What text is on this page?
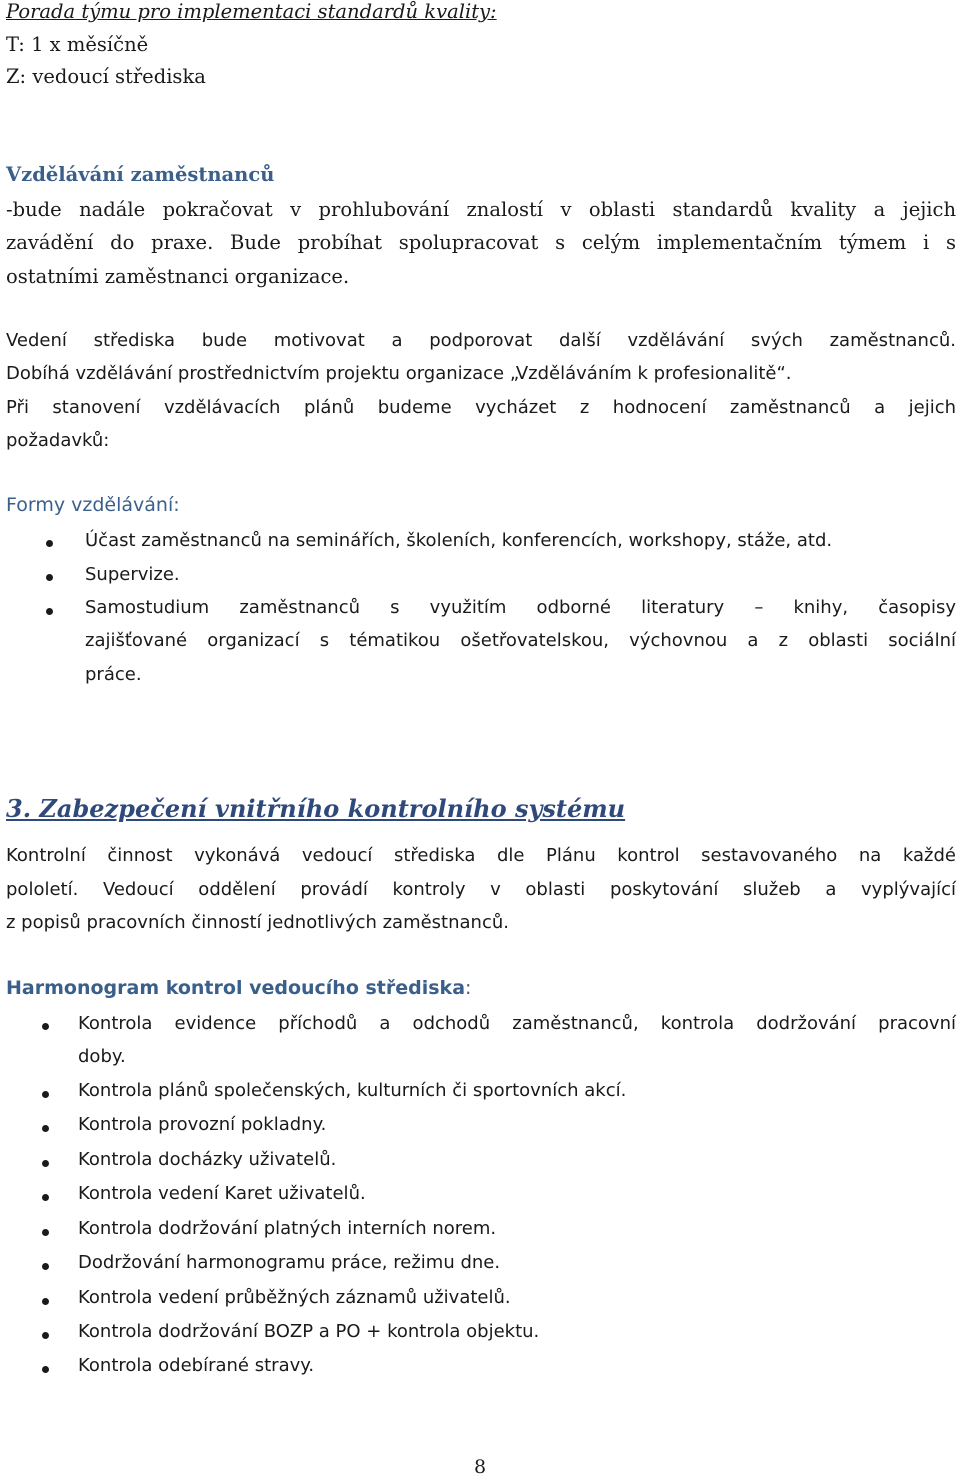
Porada týmu pro implementaci standardů kvality:
T: 1 x měsíčně
Z: vedoucí střediska
Vzdělávání zaměstnanců
-bude nadále pokračovat v prohlubování znalostí v oblasti standardů kvality a jejich
zavádění do praxe. Bude probíhat spolupracovat s celým implementačním týmem i s
ostatními zaměstnanci organizace.
Vedení střediska bude motivovat a podporovat další vzdělávání svých zaměstnanců.
Dobíhá vzdělávání prostřednictvím projektu organizace „Vzděláváním k profesionalitě“.
Při stanovení vzdělávacích plánů budeme vycházet z hodnocení zaměstnanců a jejich
požadavků:
Formy vzdělávání:
Účast zaměstnanců na seminářích, školeních, konferencích, workshopy, stáže, atd.
Supervize.
Samostudium zaměstnanců s využitím odborné literatury – knihy, časopisy
zajišťované organizací s tématikou ošetřovatelskou, výchovnou a z oblasti sociální
práce.
3. Zabezpečení vnitřního kontrolního systému
Kontrolní činnost vykonává vedoucí střediska dle Plánu kontrol sestavovaného na každé
pololetí. Vedoucí oddělení provádí kontroly v oblasti poskytování služeb a vyplývající
z popisů pracovních činností jednotlivých zaměstnanců.
Harmonogram kontrol vedoucího střediska:
Kontrola evidence příchodů a odchodů zaměstnanců, kontrola dodržování pracovní
doby.
Kontrola plánů společenských, kulturních či sportovních akcí.
Kontrola provozní pokladny.
Kontrola docházky uživatelů.
Kontrola vedení Karet uživatelů.
Kontrola dodržování platných interních norem.
Dodržování harmonogramu práce, režimu dne.
Kontrola vedení průběžných záznamů uživatelů.
Kontrola dodržování BOZP a PO + kontrola objektu.
Kontrola odebírané stravy.
8
